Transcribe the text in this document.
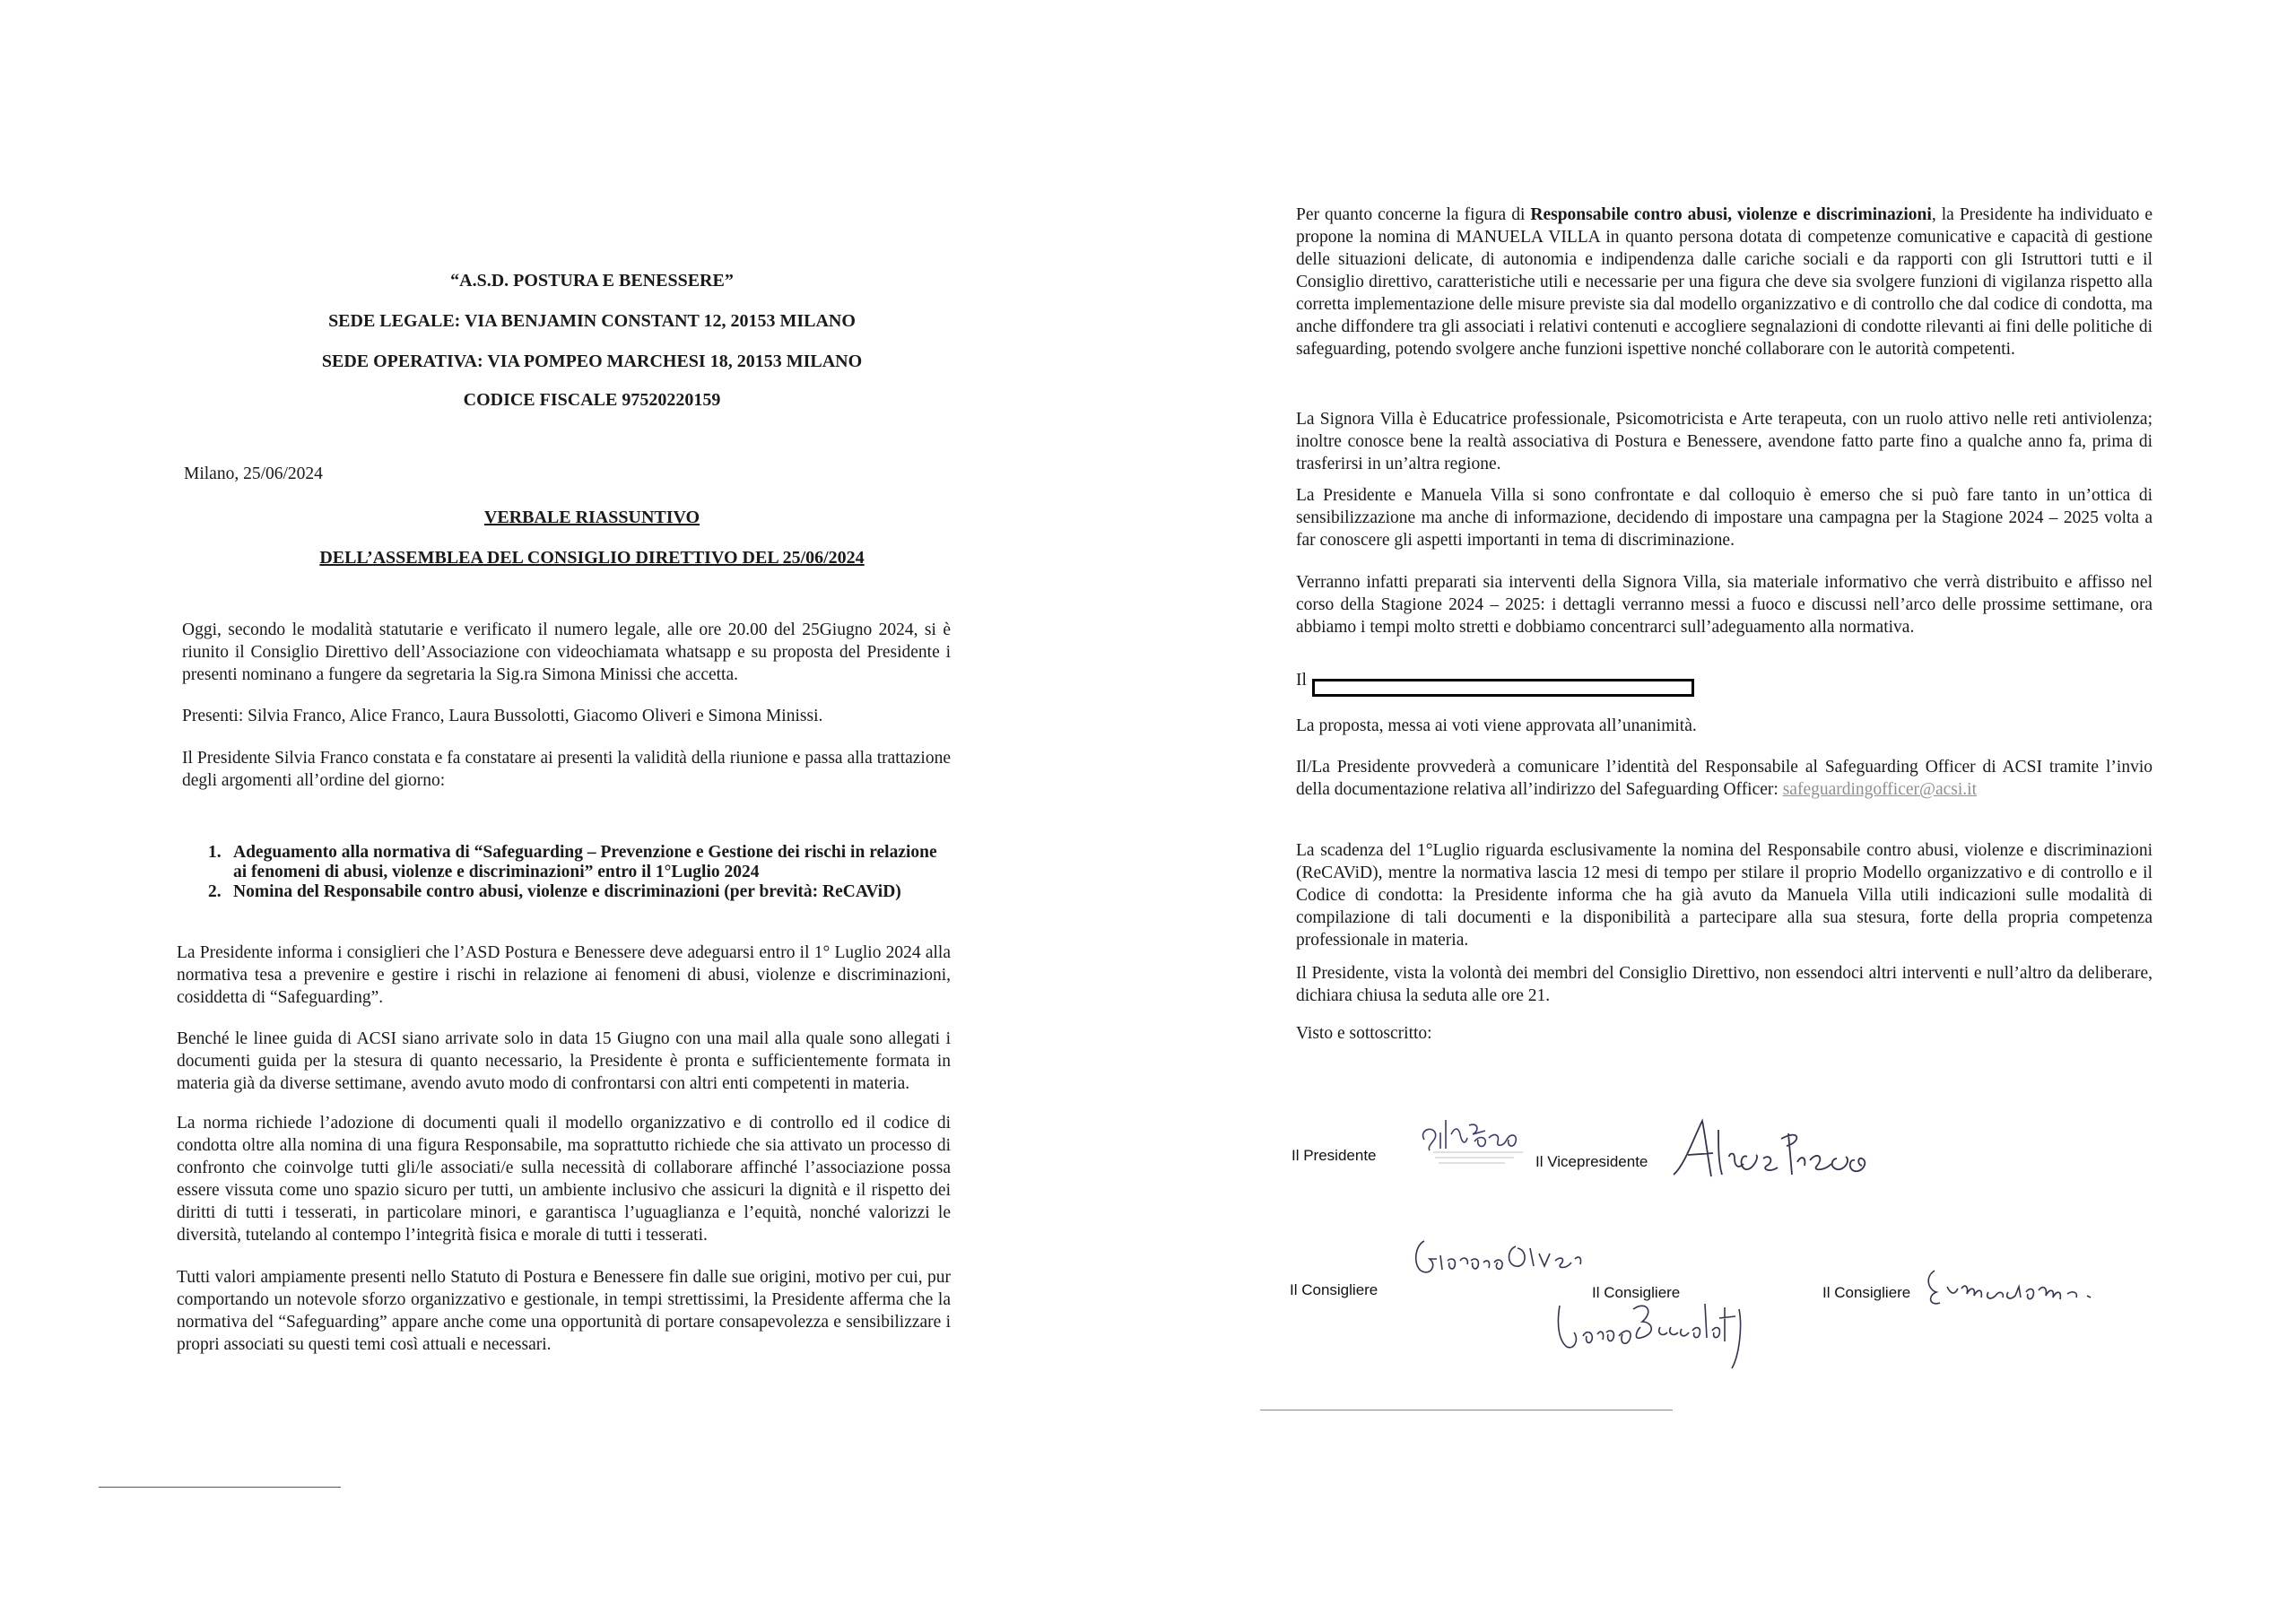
“A.S.D. POSTURA E BENESSERE”
SEDE LEGALE: VIA BENJAMIN CONSTANT 12, 20153 MILANO
SEDE OPERATIVA: VIA POMPEO MARCHESI 18, 20153 MILANO
CODICE FISCALE 97520220159
Milano, 25/06/2024
VERBALE RIASSUNTIVO
DELL’ASSEMBLEA DEL CONSIGLIO DIRETTIVO DEL 25/06/2024

Oggi, secondo le modalità statutarie e verificato il numero legale, alle ore 20.00 del 25Giugno 2024, si è riunito il Consiglio Direttivo dell’Associazione con videochiamata whatsapp e su proposta del Presidente i presenti nominano a fungere da segretaria la Sig.ra Simona Minissi che accetta.

Presenti: Silvia Franco, Alice Franco, Laura Bussolotti, Giacomo Oliveri e Simona Minissi.

Il Presidente Silvia Franco constata e fa constatare ai presenti la validità della riunione e passa alla trattazione degli argomenti all’ordine del giorno:

1. Adeguamento alla normativa di “Safeguarding – Prevenzione e Gestione dei rischi in relazione ai fenomeni di abusi, violenze e discriminazioni” entro il 1°Luglio 2024
2. Nomina del Responsabile contro abusi, violenze e discriminazioni (per brevità: ReCAViD)

La Presidente informa i consiglieri che l’ASD Postura e Benessere deve adeguarsi entro il 1° Luglio 2024 alla normativa tesa a prevenire e gestire i rischi in relazione ai fenomeni di abusi, violenze e discriminazioni, cosiddetta di “Safeguarding”.

Benché le linee guida di ACSI siano arrivate solo in data 15 Giugno con una mail alla quale sono allegati i documenti guida per la stesura di quanto necessario, la Presidente è pronta e sufficientemente formata in materia già da diverse settimane, avendo avuto modo di confrontarsi con altri enti competenti in materia.

La norma richiede l’adozione di documenti quali il modello organizzativo e di controllo ed il codice di condotta oltre alla nomina di una figura Responsabile, ma soprattutto richiede che sia attivato un processo di confronto che coinvolge tutti gli/le associati/e sulla necessità di collaborare affinché l’associazione possa essere vissuta come uno spazio sicuro per tutti, un ambiente inclusivo che assicuri la dignità e il rispetto dei diritti di tutti i tesserati, in particolare minori, e garantisca l’uguaglianza e l’equità, nonché valorizzi le diversità, tutelando al contempo l’integrità fisica e morale di tutti i tesserati.

Tutti valori ampiamente presenti nello Statuto di Postura e Benessere fin dalle sue origini, motivo per cui, pur comportando un notevole sforzo organizzativo e gestionale, in tempi strettissimi, la Presidente afferma che la normativa del “Safeguarding” appare anche come una opportunità di portare consapevolezza e sensibilizzare i propri associati su questi temi così attuali e necessari.

Per quanto concerne la figura di Responsabile contro abusi, violenze e discriminazioni, la Presidente ha individuato e propone la nomina di MANUELA VILLA in quanto persona dotata di competenze comunicative e capacità di gestione delle situazioni delicate, di autonomia e indipendenza dalle cariche sociali e da rapporti con gli Istruttori tutti e il Consiglio direttivo, caratteristiche utili e necessarie per una figura che deve sia svolgere funzioni di vigilanza rispetto alla corretta implementazione delle misure previste sia dal modello organizzativo e di controllo che dal codice di condotta, ma anche diffondere tra gli associati i relativi contenuti e accogliere segnalazioni di condotte rilevanti ai fini delle politiche di safeguarding, potendo svolgere anche funzioni ispettive nonché collaborare con le autorità competenti.

La Signora Villa è Educatrice professionale, Psicomotricista e Arte terapeuta, con un ruolo attivo nelle reti antiviolenza; inoltre conosce bene la realtà associativa di Postura e Benessere, avendone fatto parte fino a qualche anno fa, prima di trasferirsi in un’altra regione.

La Presidente e Manuela Villa si sono confrontate e dal colloquio è emerso che si può fare tanto in un’ottica di sensibilizzazione ma anche di informazione, decidendo di impostare una campagna per la Stagione 2024 – 2025 volta a far conoscere gli aspetti importanti in tema di discriminazione.

Verranno infatti preparati sia interventi della Signora Villa, sia materiale informativo che verrà distribuito e affisso nel corso della Stagione 2024 – 2025: i dettagli verranno messi a fuoco e discussi nell’arco delle prossime settimane, ora abbiamo i tempi molto stretti e dobbiamo concentrarci sull’adeguamento alla normativa.

Il

La proposta, messa ai voti viene approvata all’unanimità.

Il/La Presidente provvederà a comunicare l’identità del Responsabile al Safeguarding Officer di ACSI tramite l’invio della documentazione relativa all’indirizzo del Safeguarding Officer: safeguardingofficer@acsi.it

La scadenza del 1°Luglio riguarda esclusivamente la nomina del Responsabile contro abusi, violenze e discriminazioni (ReCAViD), mentre la normativa lascia 12 mesi di tempo per stilare il proprio Modello organizzativo e di controllo e il Codice di condotta: la Presidente informa che ha già avuto da Manuela Villa utili indicazioni sulle modalità di compilazione di tali documenti e la disponibilità a partecipare alla sua stesura, forte della propria competenza professionale in materia.

Il Presidente, vista la volontà dei membri del Consiglio Direttivo, non essendoci altri interventi e null’altro da deliberare, dichiara chiusa la seduta alle ore 21.

Visto e sottoscritto:

Il Presidente	Il Vicepresidente
Il Consigliere	Il Consigliere	Il Consigliere
